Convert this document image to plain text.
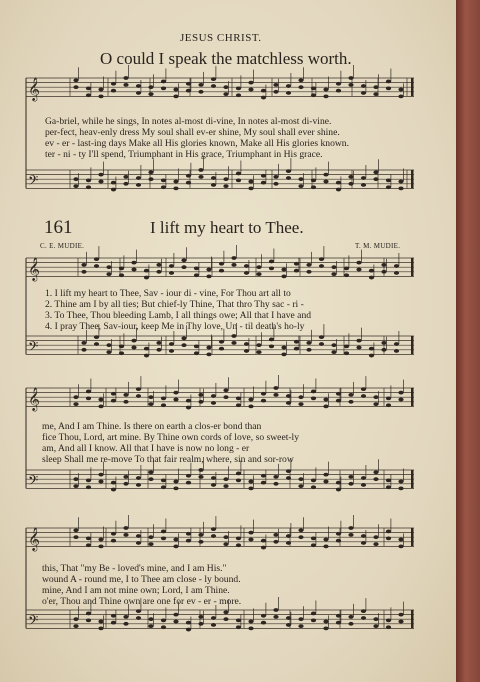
𝄞
𝄢
𝄞
𝄢
𝄞
𝄢
𝄞
𝄢
JESUS CHRIST.
O could I speak the matchless worth.
Ga-briel, while he sings, In notes al-most di-vine, In notes al-most di-vine.
per-fect, heav-enly dress My soul shall ev-er shine, My soul shall ever shine.
ev - er - last-ing days Make all His glories known, Make all His glories known.
ter - ni - ty I'll spend, Triumphant in His grace, Triumphant in His grace.
161	I lift my heart to Thee.
C. E. MUDIE.	T. M. MUDIE.
1. I lift my heart to Thee, Sav - iour di - vine, For Thou art all to
2. Thine am I by all ties; But chief-ly Thine, That thro Thy sac - ri -
3. To Thee, Thou bleeding Lamb, I all things owe; All that I have and
4. I pray Thee, Sav-iour, keep Me in Thy love, Un - til death's ho-ly
me, And I am Thine. Is there on earth a clos-er bond than
fice Thou, Lord, art mine. By Thine own cords of love, so sweet-ly
am, And all I know. All that I have is now no long - er
sleep Shall me re-move To that fair realm, where, sin and sor-row
this, That "my Be - loved's mine, and I am His."
wound A - round me, I to Thee am close - ly bound.
mine, And I am not mine own; Lord, I am Thine.
o'er, Thou and Thine own are one for ev - er - more.
